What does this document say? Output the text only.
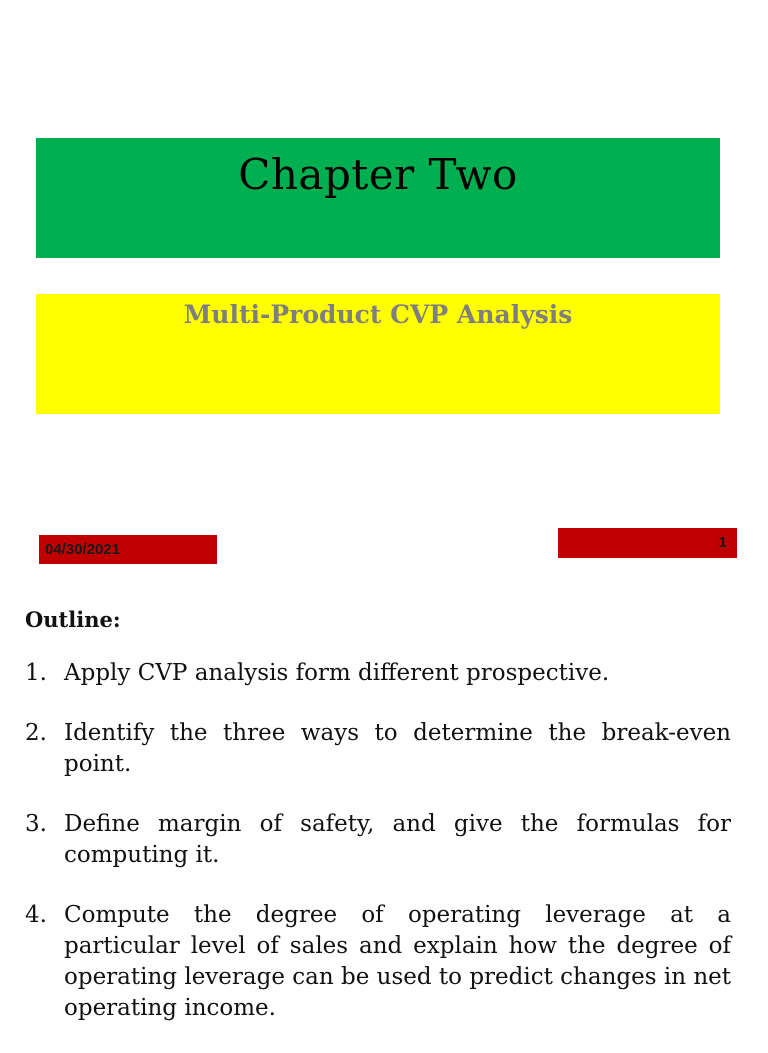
Chapter Two
Multi-Product CVP Analysis
04/30/2021	1
Outline:
1. Apply CVP analysis form different prospective.
2. Identify the three ways to determine the break-even point.
3. Define margin of safety, and give the formulas for computing it.
4. Compute the degree of operating leverage at a particular level of sales and explain how the degree of operating leverage can be used to predict changes in net operating income.
